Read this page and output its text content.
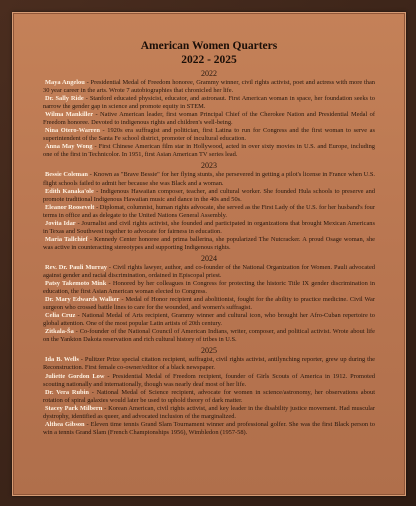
American Women Quarters
2022 - 2025
2022

Maya Angelou - Presidential Medal of Freedom honoree, Grammy winner, civil rights activist, poet and actress with more than 30 year career in the arts. Wrote 7 autobiographies that chronicled her life.

Dr. Sally Ride - Stanford educated physicist, educator, and astronaut. First American woman in space, her foundation seeks to narrow the gender gap in science and promote equity in STEM.

Wilma Mankiller - Native American leader, first woman Principal Chief of the Cherokee Nation and Presidential Medal of Freedom honoree. Devoted to indigenous rights and children's well-being.

Nina Otero-Warren - 1920s era suffragist and politician, first Latina to run for Congress and the first woman to serve as superintendent of the Santa Fe school district, promoter of incultural education.

Anna May Wong - First Chinese American film star in Hollywood, acted in over sixty movies in U.S. and Europe, including one of the first in Technicolor. In 1951, first Asian American TV series lead.

2023

Bessie Coleman - Known as "Brave Bessie" for her flying stunts, she persevered in getting a pilot's license in France when U.S. flight schools failed to admit her because she was Black and a woman.

Edith Kanaka'ole - Indigenous Hawaiian composer, teacher, and cultural worker. She founded Hula schools to preserve and promote traditional Indigenous Hawaiian music and dance in the 40s and 50s.

Eleanor Roosevelt - Diplomat, columnist, human rights advocate, she served as the First Lady of the U.S. for her husband's four terms in office and as delegate to the United Nations General Assembly.

Jovita Idar - Journalist and civil rights activist, she founded and participated in organizations that brought Mexican Americans in Texas and Southwest together to advocate for fairness in education.

Maria Tallchief - Kennedy Center honoree and prima ballerina, she popularized The Nutcracker. A proud Osage woman, she was active in counteracting stereotypes and supporting Indigenous rights.

2024

Rev. Dr. Pauli Murray - Civil rights lawyer, author, and co-founder of the National Organization for Women. Pauli advocated against gender and racial discrimination, ordained in Episcopal priest.

Patsy Takemoto Mink - Honored by her colleagues in Congress for protecting the historic Title IX gender discrimination in education, the first Asian American woman elected to Congress.

Dr. Mary Edwards Walker - Medal of Honor recipient and abolitionist, fought for the ability to practice medicine. Civil War surgeon who crossed battle lines to care for the wounded, and women's suffragist.

Celia Cruz - National Medal of Arts recipient, Grammy winner and cultural icon, who brought her Afro-Cuban repertoire to global attention. One of the most popular Latin artists of 20th century.

Zitkala-Ša - Co-founder of the National Council of American Indians, writer, composer, and political activist. Wrote about life on the Yankton Dakota reservation and rich cultural history of tribes in U.S.

2025

Ida B. Wells - Pulitzer Prize special citation recipient, suffragist, civil rights activist, antilynching reporter, grew up during the Reconstruction. First female co-owner/editor of a black newspaper.

Juliette Gordon Low - Presidential Medal of Freedom recipient, founder of Girls Scouts of America in 1912. Promoted scouting nationally and internationally, though was nearly deaf most of her life.

Dr. Vera Rubin - National Medal of Science recipient, advocate for women in science/astronomy, her observations about rotation of spiral galaxies would later be used to uphold theory of dark matter.

Stacey Park Milbern - Korean American, civil rights activist, and key leader in the disability justice movement. Had muscular dystrophy, identified as queer, and advocated inclusion of the marginalized.

Althea Gibson - Eleven time tennis Grand Slam Tournament winner and professional golfer. She was the first Black person to win a tennis Grand Slam (French Championships 1956), Wimbledon (1957-58).
